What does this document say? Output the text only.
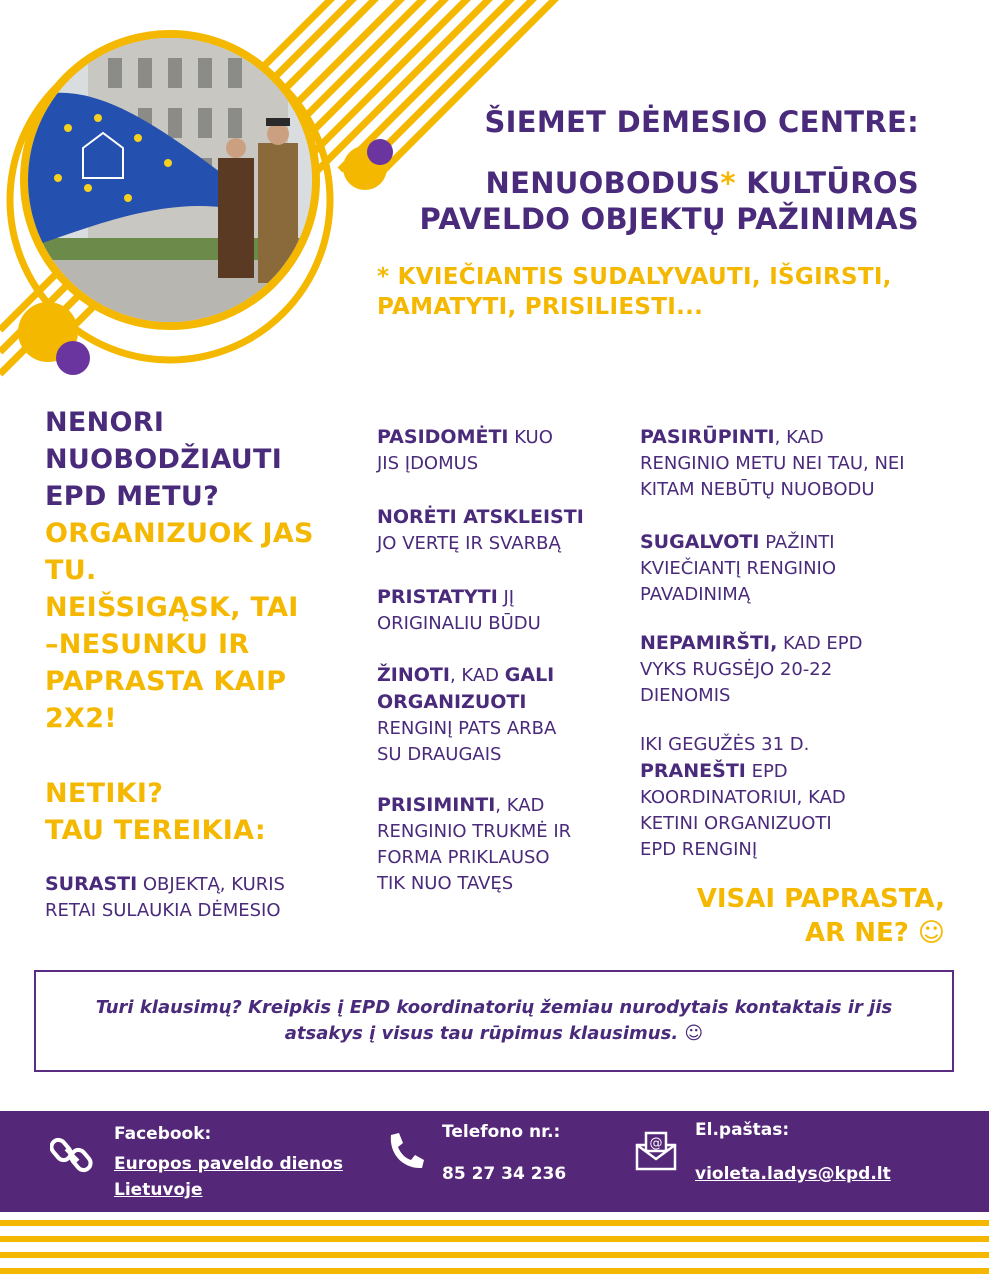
ŠIEMET DĖMESIO CENTRE:
NENUOBODUS* KULTŪROS
PAVELDO OBJEKTŲ PAŽINIMAS
* KVIEČIANTIS SUDALYVAUTI, IŠGIRSTI,
PAMATYTI, PRISILIESTI...
NENORI
NUOBODŽIAUTI
EPD METU?
ORGANIZUOK JAS
TU.
NEIŠSIGĄSK, TAI
–NESUNKU IR
PAPRASTA KAIP
2X2!
NETIKI?
TAU TEREIKIA:
SURASTI OBJEKTĄ, KURIS
RETAI SULAUKIA DĖMESIO
PASIDOMĖTI KUO
JIS ĮDOMUS
NORĖTI ATSKLEISTI
JO VERTĘ IR SVARBĄ
PRISTATYTI JĮ
ORIGINALIU BŪDU
ŽINOTI, KAD GALI
ORGANIZUOTI
RENGINĮ PATS ARBA
SU DRAUGAIS
PRISIMINTI, KAD
RENGINIO TRUKMĖ IR
FORMA PRIKLAUSO
TIK NUO TAVĘS
PASIRŪPINTI, KAD
RENGINIO METU NEI TAU, NEI
KITAM NEBŪTŲ NUOBODU
SUGALVOTI PAŽINTI
KVIEČIANTĮ RENGINIO
PAVADINIMĄ
NEPAMIRŠTI, KAD EPD
VYKS RUGSĖJO 20-22
DIENOMIS
IKI GEGUŽĖS 31 D.
PRANEŠTI EPD
KOORDINATORIUI, KAD
KETINI ORGANIZUOTI
EPD RENGINĮ
VISAI PAPRASTA,
AR NE? ☺
Turi klausimų? Kreipkis į EPD koordinatorių žemiau nurodytais kontaktais ir jis atsakys į visus tau rūpimus klausimus. ☺
Facebook:
Europos paveldo dienos
Lietuvoje
Telefono nr.:
85 27 34 236
@
El.paštas:
violeta.ladys@kpd.lt
